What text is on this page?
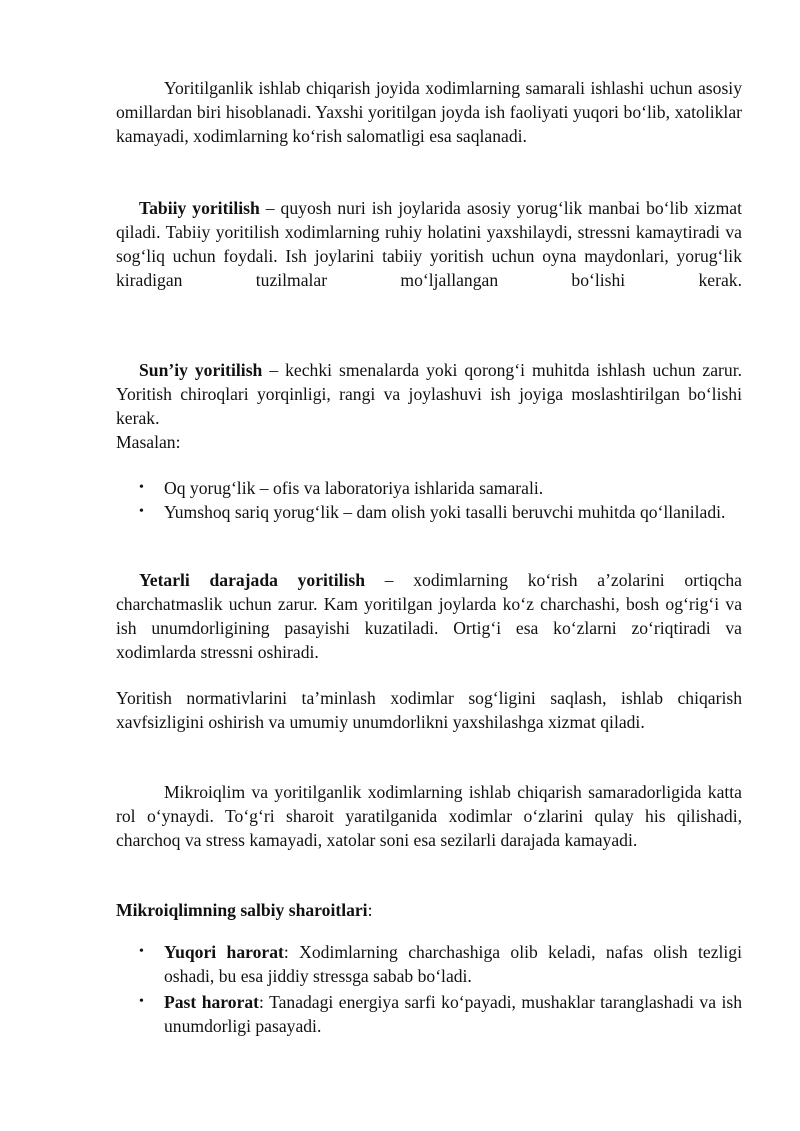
Yoritilganlik ishlab chiqarish joyida xodimlarning samarali ishlashi uchun asosiy omillardan biri hisoblanadi. Yaxshi yoritilgan joyda ish faoliyati yuqori bo‘lib, xatoliklar kamayadi, xodimlarning ko‘rish salomatligi esa saqlanadi.

Tabiiy yoritilish – quyosh nuri ish joylarida asosiy yorug‘lik manbai bo‘lib xizmat qiladi. Tabiiy yoritilish xodimlarning ruhiy holatini yaxshilaydi, stressni kamaytiradi va sog‘liq uchun foydali. Ish joylarini tabiiy yoritish uchun oyna maydonlari, yorug‘lik kiradigan tuzilmalar	mo‘ljallangan bo‘lishi kerak.

Sun’iy yoritilish – kechki smenalarda yoki qorong‘i muhitda ishlash uchun zarur. Yoritish chiroqlari yorqinligi, rangi va joylashuvi ish joyiga moslashtirilgan bo‘lishi kerak.

Masalan:

• Oq yorug‘lik – ofis va laboratoriya ishlarida samarali.
• Yumshoq sariq yorug‘lik – dam olish yoki tasalli beruvchi muhitda qo‘llaniladi.

Yetarli darajada yoritilish – xodimlarning ko‘rish a’zolarini ortiqcha charchatmaslik uchun zarur. Kam yoritilgan joylarda ko‘z charchashi, bosh og‘rig‘i va ish unumdorligining pasayishi kuzatiladi. Ortig‘i esa ko‘zlarni zo‘riqtiradi va xodimlarda stressni oshiradi.

Yoritish normativlarini ta’minlash xodimlar sog‘ligini saqlash, ishlab chiqarish xavfsizligini oshirish va umumiy unumdorlikni yaxshilashga xizmat qiladi.

Mikroiqlim va yoritilganlik xodimlarning ishlab chiqarish samaradorligida katta rol o‘ynaydi. To‘g‘ri sharoit yaratilganida xodimlar o‘zlarini qulay his qilishadi, charchoq va stress kamayadi, xatolar soni esa sezilarli darajada kamayadi.

Mikroiqlimning salbiy sharoitlari:

• Yuqori harorat: Xodimlarning charchashiga olib keladi, nafas olish tezligi oshadi, bu esa jiddiy stressga sabab bo‘ladi.
• Past harorat: Tanadagi energiya sarfi ko‘payadi, mushaklar taranglashadi va ish unumdorligi pasayadi.
